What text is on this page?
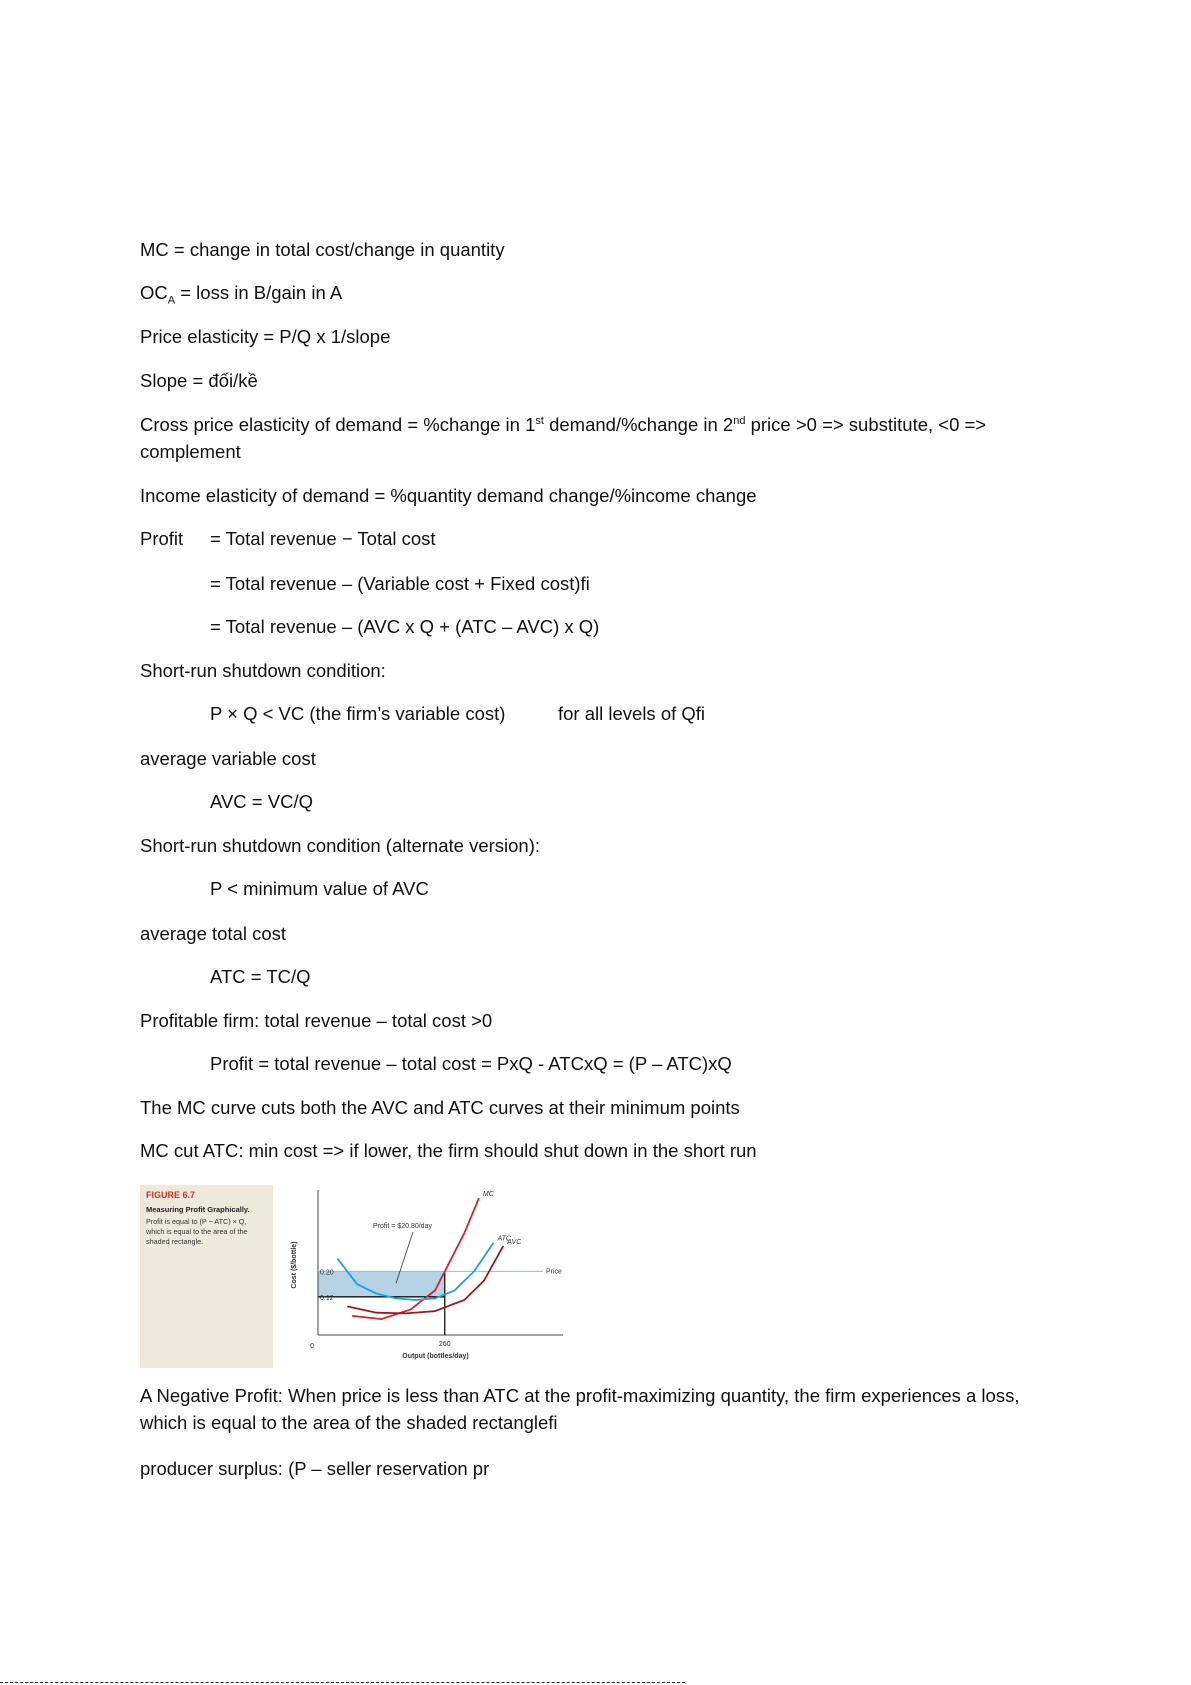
MC = change in total cost/change in quantity
$OC_A$ = loss in B/gain in A
Price elasticity = P/Q x 1/slope
Slope = đối/kề
Cross price elasticity of demand = %change in 1st demand/%change in 2nd price >0 => substitute, <0 =>
complement
Income elasticity of demand = %quantity demand change/%income change
Profit = Total revenue − Total cost
= Total revenue – (Variable cost + Fixed cost)ﬁ
= Total revenue – (AVC x Q + (ATC – AVC) x Q)
Short-run shutdown condition:
P × Q < VC (the firm’s variable cost)	for all levels of Qﬁ
average variable cost
AVC = VC/Q
Short-run shutdown condition (alternate version):
P < minimum value of AVC
average total cost
ATC = TC/Q
Profitable firm: total revenue – total cost >0
Profit = total revenue – total cost = PxQ - ATCxQ = (P – ATC)xQ
The MC curve cuts both the AVC and ATC curves at their minimum points
MC cut ATC: min cost => if lower, the firm should shut down in the short run
FIGURE 6.7
Measuring Profit Graphically.
Profit is equal to (P − ATC) × Q, which is equal to the area of the shaded rectangle.
Price
MC
ATC
AVC
0	260
0.12
0.20
Output (bottles/day)
Cost ($/bottle)
Profit = $20.80/day
A Negative Profit: When price is less than ATC at the profit-maximizing quantity, the firm experiences a loss, which is equal to the area of the shaded rectangleﬁ
producer surplus: (P – seller reservation pr
